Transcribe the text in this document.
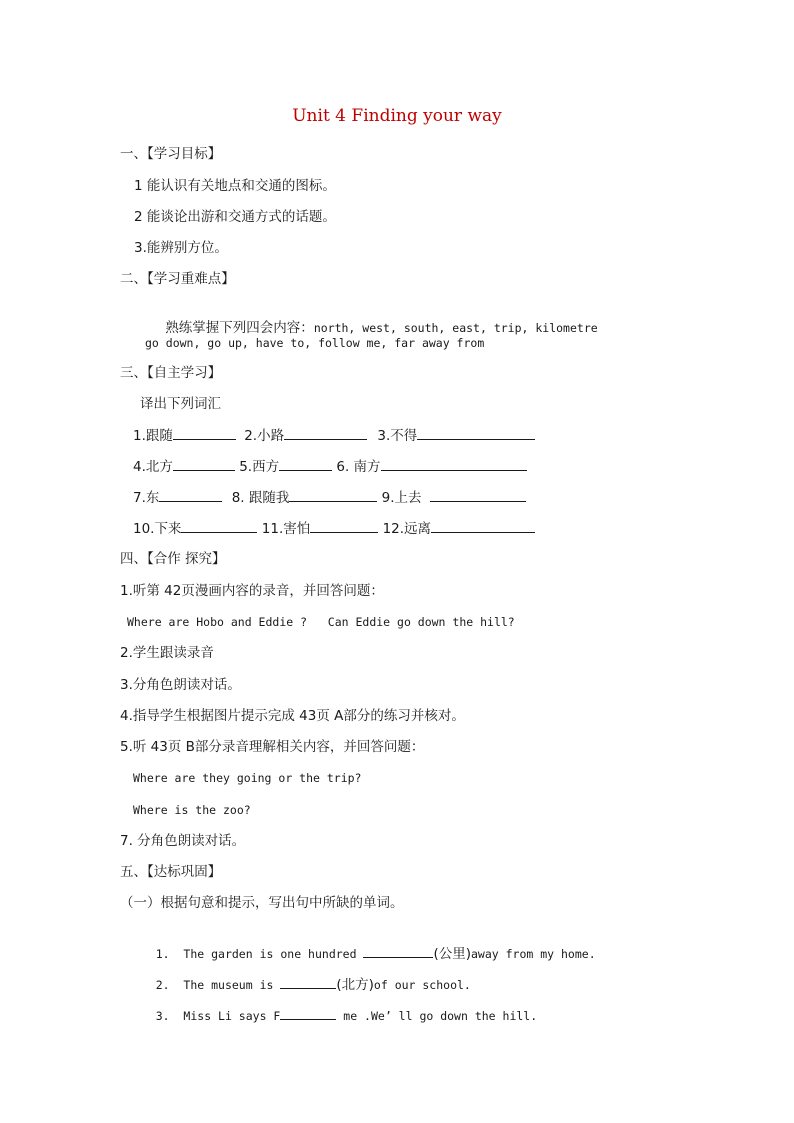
Unit 4 Finding your way
一、【学习目标】
1 能认识有关地点和交通的图标。
2 能谈论出游和交通方式的话题。
3.能辨别方位。
二、【学习重难点】

熟练掌握下列四会内容：north, west, south, east, trip, kilometre

go down, go up, have to, follow me, far away from
三、【自主学习】
译出下列词汇
1.跟随	2.小路	3.不得
4.北方	5.西方	6. 南方
7.东	8. 跟随我	9.上去
10.下来	11.害怕	12.远离
四、【合作 探究】
1.听第 42页漫画内容的录音，并回答问题：
Where are Hobo and Eddie ?   Can Eddie go down the hill?
2.学生跟读录音
3.分角色朗读对话。
4.指导学生根据图片提示完成 43页 A部分的练习并核对。
5.听 43页 B部分录音理解相关内容，并回答问题：
Where are they going or the trip?
Where is the zoo?
7. 分角色朗读对话。
五、【达标巩固】
（一）根据句意和提示，写出句中所缺的单词。

1. The garden is one hundred	(公里)away from my home.

2. The museum is	(北方)of our school.

3. Miss Li says F	me .We’ ll go down the hill.
